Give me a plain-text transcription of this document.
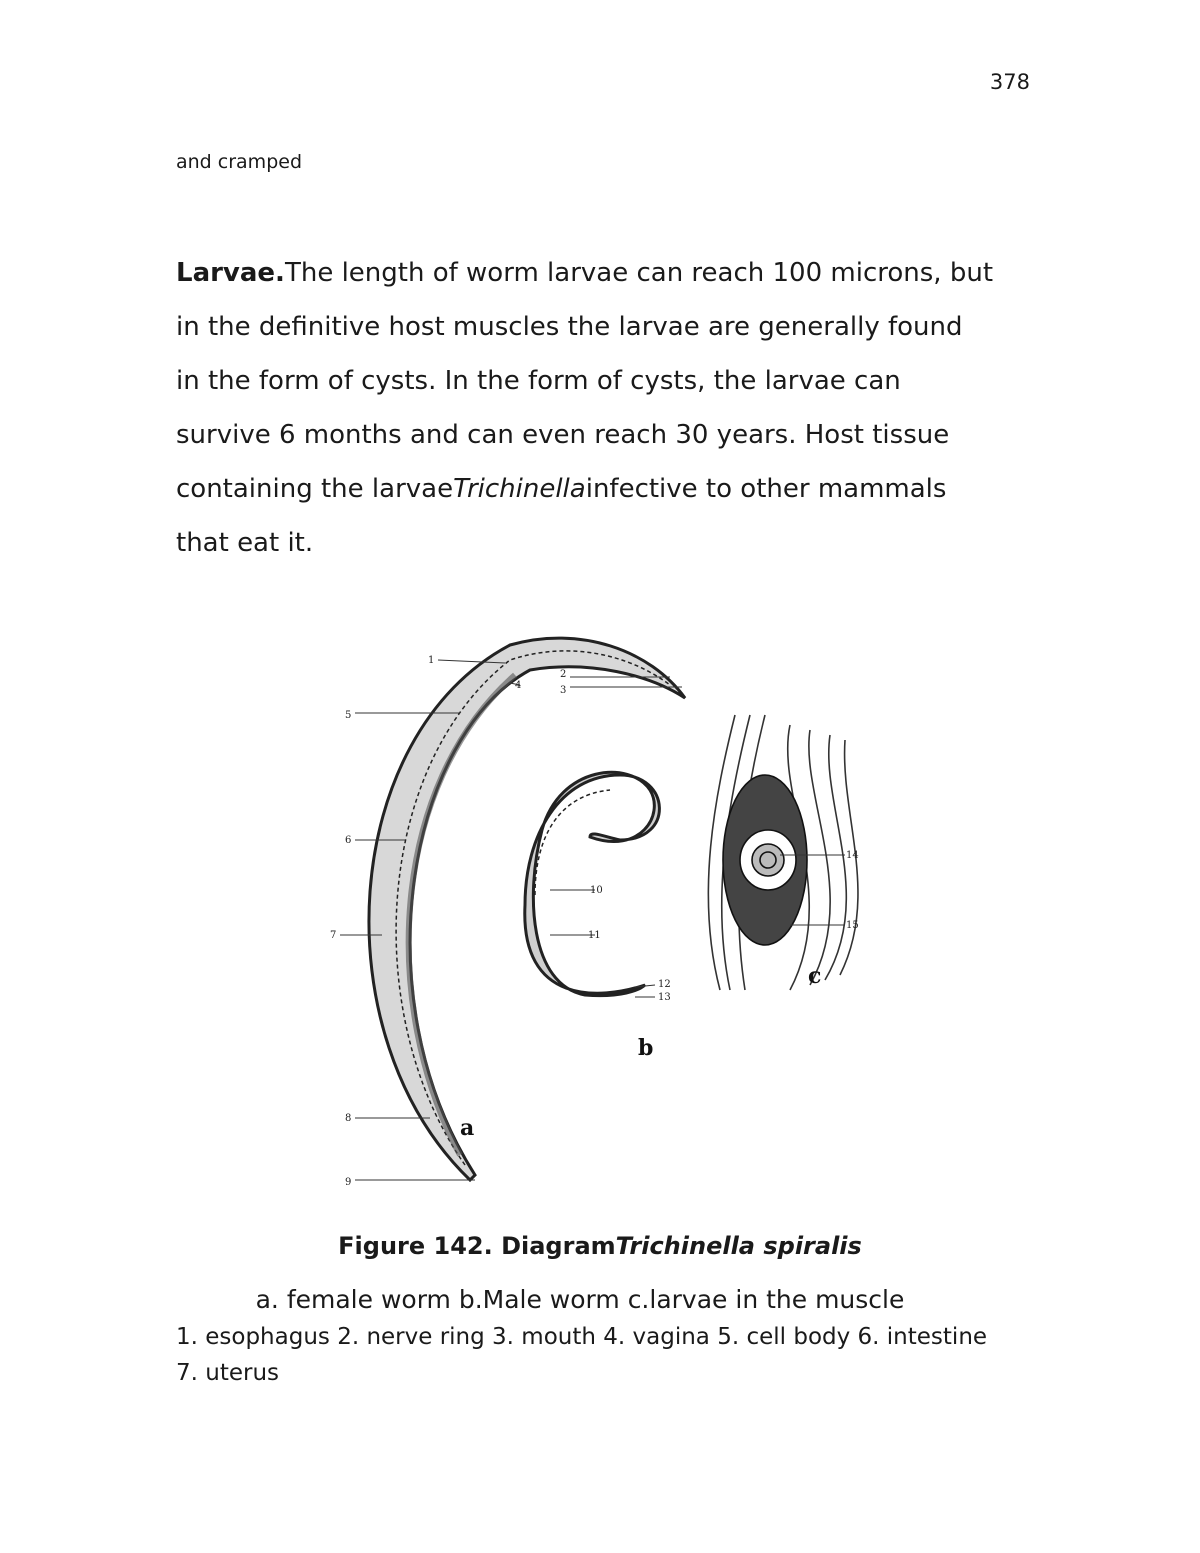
378
and cramped
Larvae.The length of worm larvae can reach 100 microns, but
in the definitive host muscles the larvae are generally found
in the form of cysts. In the form of cysts, the larvae can
survive 6 months and can even reach 30 years. Host tissue
containing the larvaeTrichinellainfective to other mammals
that eat it.
1
2
3
4
5
6
7
8
9
10
11
12
13
14
15
a
b
c
Figure 142. DiagramTrichinella spiralis
a. female worm b.Male worm c.larvae in the muscle
1. esophagus 2. nerve ring 3. mouth 4. vagina 5. cell body 6. intestine
7. uterus
